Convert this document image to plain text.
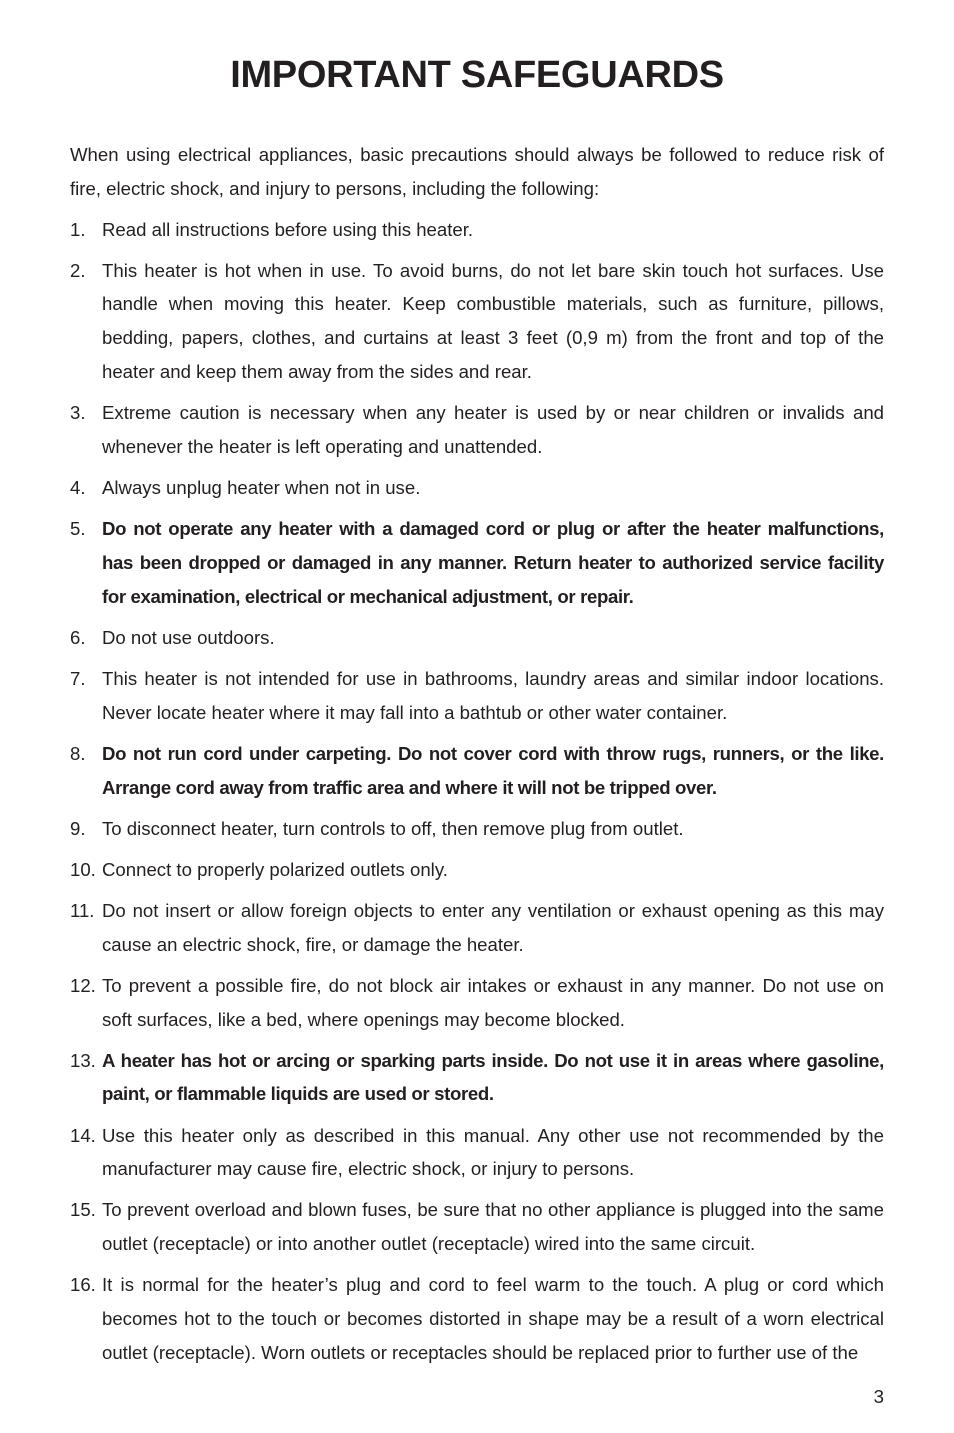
IMPORTANT SAFEGUARDS

When using electrical appliances, basic precautions should always be followed to reduce risk of fire, electric shock, and injury to persons, including the following:

1. Read all instructions before using this heater.
2. This heater is hot when in use. To avoid burns, do not let bare skin touch hot surfaces. Use handle when moving this heater. Keep combustible materials, such as furniture, pillows, bedding, papers, clothes, and curtains at least 3 feet (0,9 m) from the front and top of the heater and keep them away from the sides and rear.
3. Extreme caution is necessary when any heater is used by or near children or invalids and whenever the heater is left operating and unattended.
4. Always unplug heater when not in use.
5. Do not operate any heater with a damaged cord or plug or after the heater malfunctions, has been dropped or damaged in any manner. Return heater to authorized service facility for examination, electrical or mechanical adjustment, or repair.
6. Do not use outdoors.
7. This heater is not intended for use in bathrooms, laundry areas and similar indoor locations. Never locate heater where it may fall into a bathtub or other water container.
8. Do not run cord under carpeting. Do not cover cord with throw rugs, runners, or the like. Arrange cord away from traffic area and where it will not be tripped over.
9. To disconnect heater, turn controls to off, then remove plug from outlet.
10. Connect to properly polarized outlets only.
11. Do not insert or allow foreign objects to enter any ventilation or exhaust opening as this may cause an electric shock, fire, or damage the heater.
12. To prevent a possible fire, do not block air intakes or exhaust in any manner. Do not use on soft surfaces, like a bed, where openings may become blocked.
13. A heater has hot or arcing or sparking parts inside. Do not use it in areas where gasoline, paint, or flammable liquids are used or stored.
14. Use this heater only as described in this manual. Any other use not recommended by the manufacturer may cause fire, electric shock, or injury to persons.
15. To prevent overload and blown fuses, be sure that no other appliance is plugged into the same outlet (receptacle) or into another outlet (receptacle) wired into the same circuit.
16. It is normal for the heater’s plug and cord to feel warm to the touch. A plug or cord which becomes hot to the touch or becomes distorted in shape may be a result of a worn electrical outlet (receptacle). Worn outlets or receptacles should be replaced prior to further use of the
3
